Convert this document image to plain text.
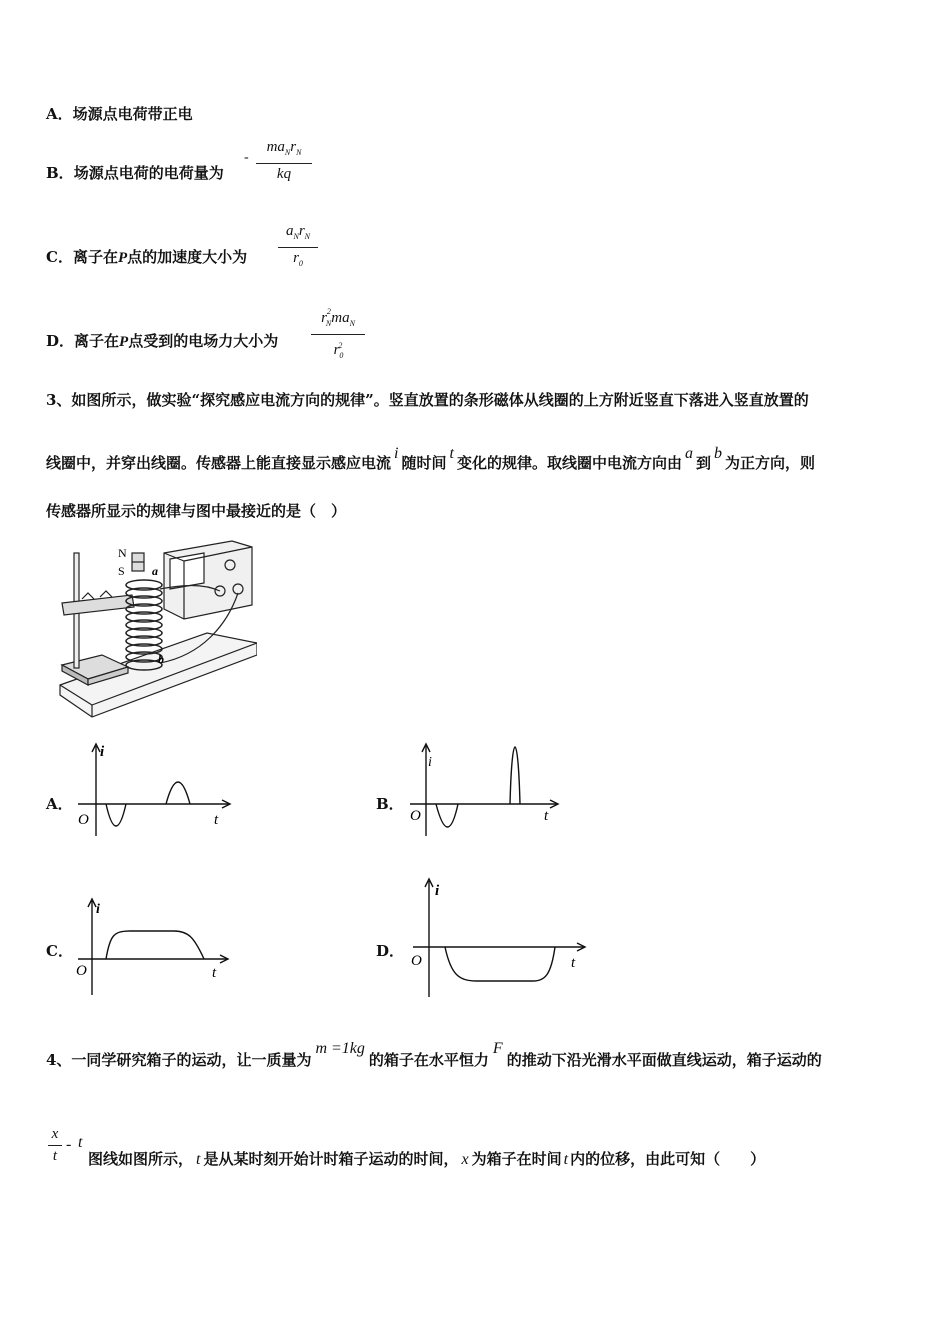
A．场源点电荷带正电
B．场源点电荷的电荷量为
-
$ma_Nr_N$
kq
C．离子在P点的加速度大小为
$a_Nr_N$
$r_0$
D．离子在P点受到的电场力大小为
$r^2_Nma_N$
$r_0^2$
3、如图所示，做实验“探究感应电流方向的规律”。竖直放置的条形磁体从线圈的上方附近竖直下落进入竖直放置的
线圈中，并穿出线圈。传感器上能直接显示感应电流i随时间t变化的规律。取线圈中电流方向由a到b为正方向，则
传感器所显示的规律与图中最接近的是（　）
N
S a
b
A．
i
t
O
B．
i
t
O
C．
i
t
O
D．
i
t
O
4、一同学研究箱子的运动，让一质量为m =1kg的箱子在水平恒力F的推动下沿光滑水平面做直线运动，箱子运动的
x
t
- t
图线如图所示， t 是从某时刻开始计时箱子运动的时间， x 为箱子在时间 t 内的位移，由此可知（　　）
